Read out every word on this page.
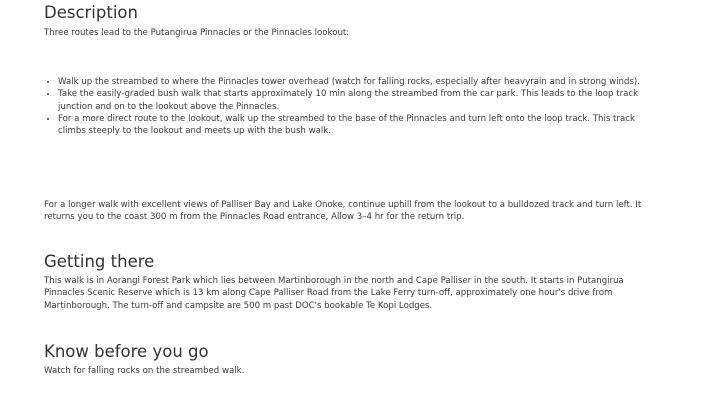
Description

Three routes lead to the Putangirua Pinnacles or the Pinnacles lookout:

• Walk up the streambed to where the Pinnacles tower overhead (watch for falling rocks, especially after heavyrain and in strong winds).
• Take the easily-graded bush walk that starts approximately 10 min along the streambed from the car park. This leads to the loop track junction and on to the lookout above the Pinnacles.
• For a more direct route to the lookout, walk up the streambed to the base of the Pinnacles and turn left onto the loop track. This track climbs steeply to the lookout and meets up with the bush walk.

For a longer walk with excellent views of Palliser Bay and Lake Onoke, continue uphill from the lookout to a bulldozed track and turn left. It returns you to the coast 300 m from the Pinnacles Road entrance, Allow 3–4 hr for the return trip.

Getting there

This walk is in Aorangi Forest Park which lies between Martinborough in the north and Cape Palliser in the south. It starts in Putangirua Pinnacles Scenic Reserve which is 13 km along Cape Palliser Road from the Lake Ferry turn-off, approximately one hour's drive from Martinborough. The turn-off and campsite are 500 m past DOC's bookable Te Kopi Lodges.

Know before you go

Watch for falling rocks on the streambed walk.
